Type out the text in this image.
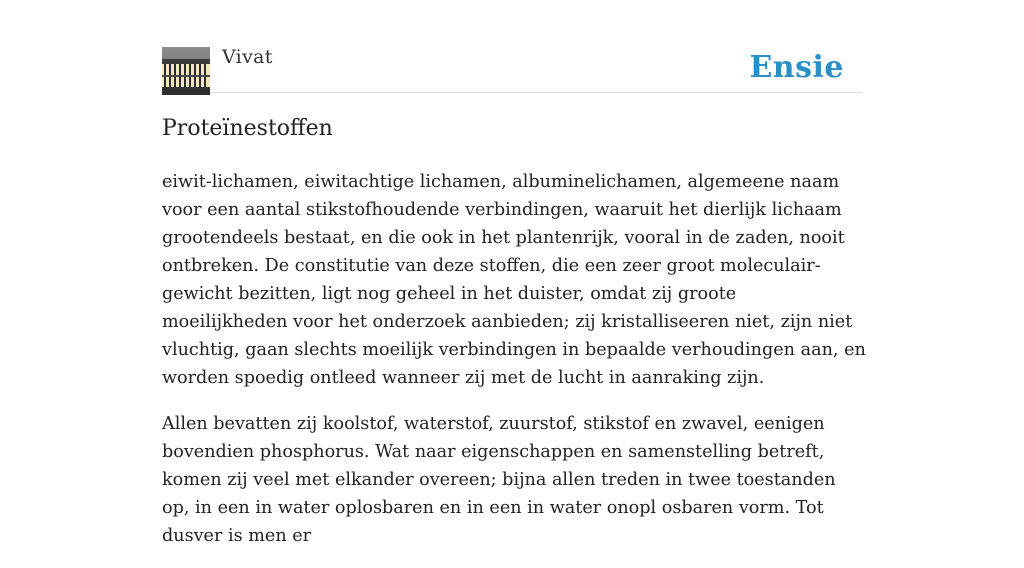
Vivat	Ensie
Proteïnestoffen

eiwit-lichamen, eiwitachtige lichamen, albuminelichamen, algemeene naam voor een aantal stikstofhoudende verbindingen, waaruit het dierlijk lichaam grootendeels bestaat, en die ook in het plantenrijk, vooral in de zaden, nooit ontbreken. De constitutie van deze stoffen, die een zeer groot moleculair-gewicht bezitten, ligt nog geheel in het duister, omdat zij groote moeilijkheden voor het onderzoek aanbieden; zij kristalliseeren niet, zijn niet vluchtig, gaan slechts moeilijk verbindingen in bepaalde verhoudingen aan, en worden spoedig ontleed wanneer zij met de lucht in aanraking zijn.

Allen bevatten zij koolstof, waterstof, zuurstof, stikstof en zwavel, eenigen bovendien phosphorus. Wat naar eigenschappen en samenstelling betreft, komen zij veel met elkander overeen; bijna allen treden in twee toestanden op, in een in water oplosbaren en in een in water onopl osbaren vorm. Tot dusver is men er
